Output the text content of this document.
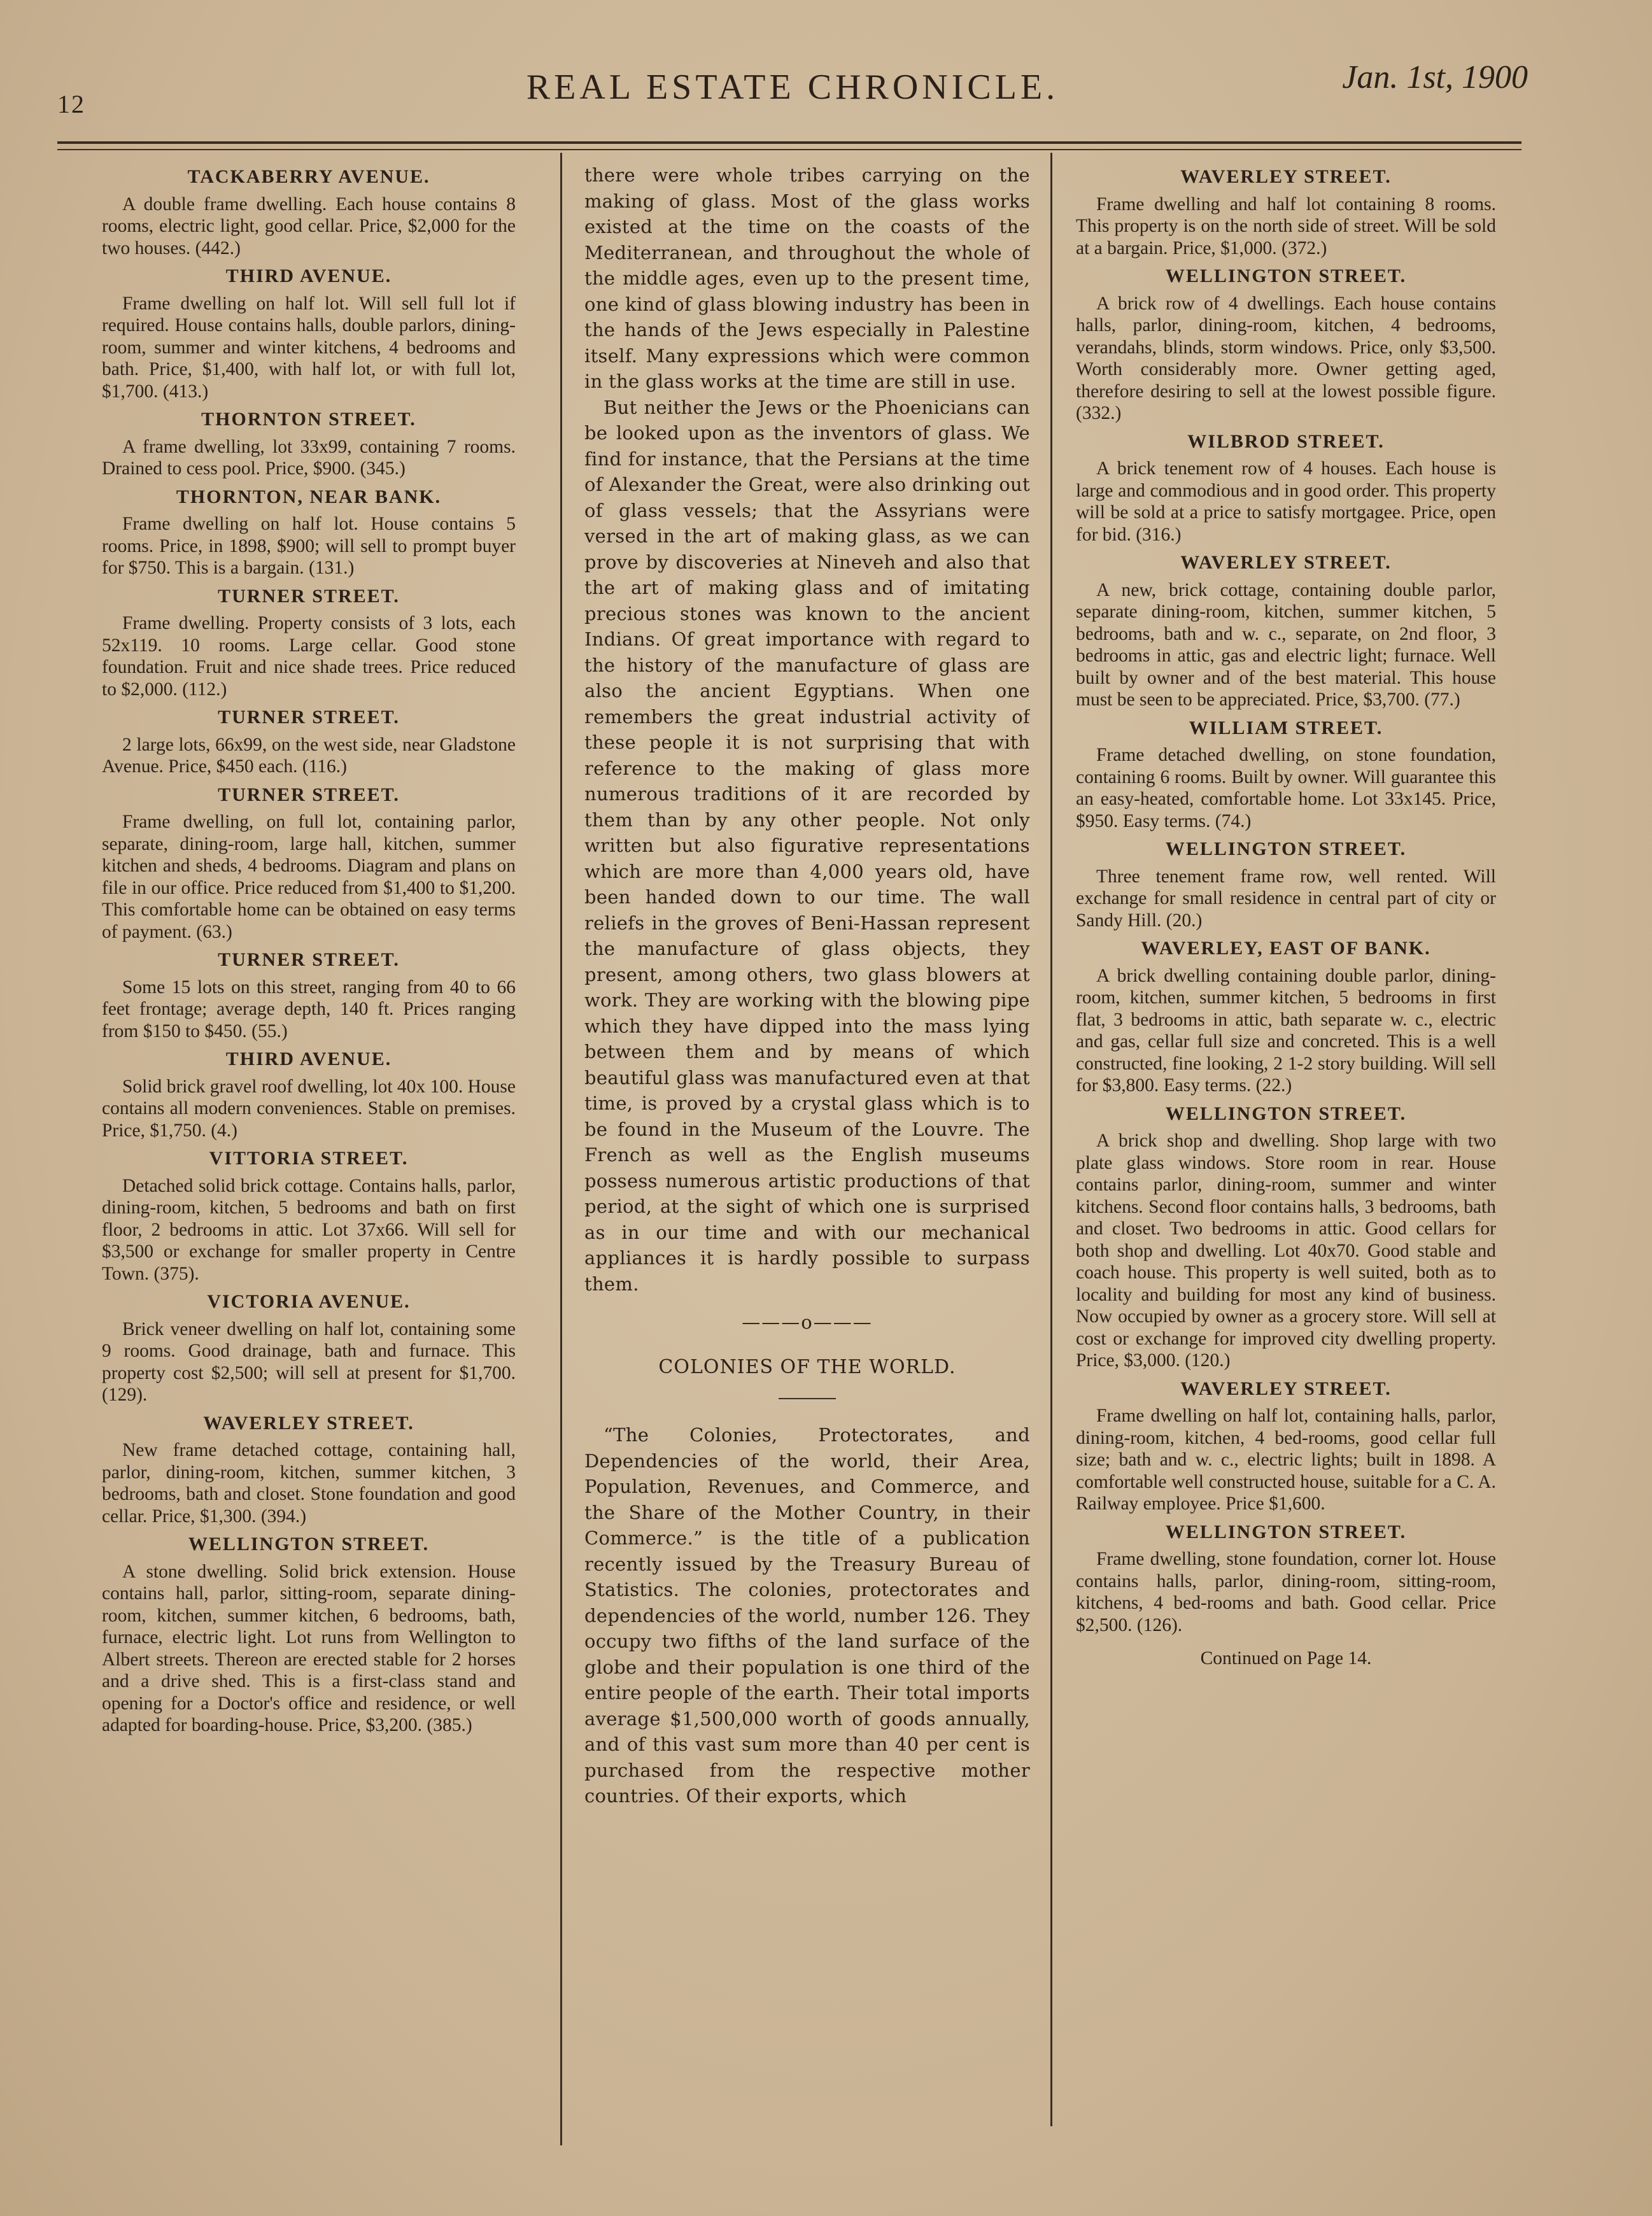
12	REAL ESTATE CHRONICLE.	Jan. 1st, 1900
TACKABERRY AVENUE.
A double frame dwelling. Each house contains 8 rooms, electric light, good cellar. Price, $2,000 for the two houses. (442.)
THIRD AVENUE.
Frame dwelling on half lot. Will sell full lot if required. House contains halls, double parlors, dining-room, summer and winter kitchens, 4 bedrooms and bath. Price, $1,400, with half lot, or with full lot, $1,700. (413.)
THORNTON STREET.
A frame dwelling, lot 33x99, containing 7 rooms. Drained to cess pool. Price, $900. (345.)
THORNTON, NEAR BANK.
Frame dwelling on half lot. House contains 5 rooms. Price, in 1898, $900; will sell to prompt buyer for $750. This is a bargain. (131.)
TURNER STREET.
Frame dwelling. Property consists of 3 lots, each 52x119. 10 rooms. Large cellar. Good stone foundation. Fruit and nice shade trees. Price reduced to $2,000. (112.)
TURNER STREET.
2 large lots, 66x99, on the west side, near Gladstone Avenue. Price, $450 each. (116.)
TURNER STREET.
Frame dwelling, on full lot, containing parlor, separate, dining-room, large hall, kitchen, summer kitchen and sheds, 4 bedrooms. Diagram and plans on file in our office. Price reduced from $1,400 to $1,200. This comfortable home can be obtained on easy terms of payment. (63.)
TURNER STREET.
Some 15 lots on this street, ranging from 40 to 66 feet frontage; average depth, 140 ft. Prices ranging from $150 to $450. (55.)
THIRD AVENUE.
Solid brick gravel roof dwelling, lot 40x 100. House contains all modern conveniences. Stable on premises. Price, $1,750. (4.)
VITTORIA STREET.
Detached solid brick cottage. Contains halls, parlor, dining-room, kitchen, 5 bedrooms and bath on first floor, 2 bedrooms in attic. Lot 37x66. Will sell for $3,500 or exchange for smaller property in Centre Town. (375).
VICTORIA AVENUE.
Brick veneer dwelling on half lot, containing some 9 rooms. Good drainage, bath and furnace. This property cost $2,500; will sell at present for $1,700. (129).
WAVERLEY STREET.
New frame detached cottage, containing hall, parlor, dining-room, kitchen, summer kitchen, 3 bedrooms, bath and closet. Stone foundation and good cellar. Price, $1,300. (394.)
WELLINGTON STREET.
A stone dwelling. Solid brick extension. House contains hall, parlor, sitting-room, separate dining-room, kitchen, summer kitchen, 6 bedrooms, bath, furnace, electric light. Lot runs from Wellington to Albert streets. Thereon are erected stable for 2 horses and a drive shed. This is a first-class stand and opening for a Doctor's office and residence, or well adapted for boarding-house. Price, $3,200. (385.)

there were whole tribes carrying on the making of glass. Most of the glass works existed at the time on the coasts of the Mediterranean, and throughout the whole of the middle ages, even up to the present time, one kind of glass blowing industry has been in the hands of the Jews especially in Palestine itself. Many expressions which were common in the glass works at the time are still in use.

But neither the Jews or the Phoenicians can be looked upon as the inventors of glass. We find for instance, that the Persians at the time of Alexander the Great, were also drinking out of glass vessels; that the Assyrians were versed in the art of making glass, as we can prove by discoveries at Nineveh and also that the art of making glass and of imitating precious stones was known to the ancient Indians. Of great importance with regard to the history of the manufacture of glass are also the ancient Egyptians. When one remembers the great industrial activity of these people it is not surprising that with reference to the making of glass more numerous traditions of it are recorded by them than by any other people. Not only written but also figurative representations which are more than 4,000 years old, have been handed down to our time. The wall reliefs in the groves of Beni-Hassan represent the manufacture of glass objects, they present, among others, two glass blowers at work. They are working with the blowing pipe which they have dipped into the mass lying between them and by means of which beautiful glass was manufactured even at that time, is proved by a crystal glass which is to be found in the Museum of the Louvre. The French as well as the English museums possess numerous artistic productions of that period, at the sight of which one is surprised as in our time and with our mechanical appliances it is hardly possible to surpass them.

———o———
COLONIES OF THE WORLD.

“The Colonies, Protectorates, and Dependencies of the world, their Area, Population, Revenues, and Commerce, and the Share of the Mother Country, in their Commerce.” is the title of a publication recently issued by the Treasury Bureau of Statistics. The colonies, protectorates and dependencies of the world, number 126. They occupy two fifths of the land surface of the globe and their population is one third of the entire people of the earth. Their total imports average $1,500,000 worth of goods annually, and of this vast sum more than 40 per cent is purchased from the respective mother countries. Of their exports, which

WAVERLEY STREET.
Frame dwelling and half lot containing 8 rooms. This property is on the north side of street. Will be sold at a bargain. Price, $1,000. (372.)
WELLINGTON STREET.
A brick row of 4 dwellings. Each house contains halls, parlor, dining-room, kitchen, 4 bedrooms, verandahs, blinds, storm windows. Price, only $3,500. Worth considerably more. Owner getting aged, therefore desiring to sell at the lowest possible figure. (332.)
WILBROD STREET.
A brick tenement row of 4 houses. Each house is large and commodious and in good order. This property will be sold at a price to satisfy mortgagee. Price, open for bid. (316.)
WAVERLEY STREET.
A new, brick cottage, containing double parlor, separate dining-room, kitchen, summer kitchen, 5 bedrooms, bath and w. c., separate, on 2nd floor, 3 bedrooms in attic, gas and electric light; furnace. Well built by owner and of the best material. This house must be seen to be appreciated. Price, $3,700. (77.)
WILLIAM STREET.
Frame detached dwelling, on stone foundation, containing 6 rooms. Built by owner. Will guarantee this an easy-heated, comfortable home. Lot 33x145. Price, $950. Easy terms. (74.)
WELLINGTON STREET.
Three tenement frame row, well rented. Will exchange for small residence in central part of city or Sandy Hill. (20.)
WAVERLEY, EAST OF BANK.
A brick dwelling containing double parlor, dining-room, kitchen, summer kitchen, 5 bedrooms in first flat, 3 bedrooms in attic, bath separate w. c., electric and gas, cellar full size and concreted. This is a well constructed, fine looking, 2 1-2 story building. Will sell for $3,800. Easy terms. (22.)
WELLINGTON STREET.
A brick shop and dwelling. Shop large with two plate glass windows. Store room in rear. House contains parlor, dining-room, summer and winter kitchens. Second floor contains halls, 3 bedrooms, bath and closet. Two bedrooms in attic. Good cellars for both shop and dwelling. Lot 40x70. Good stable and coach house. This property is well suited, both as to locality and building for most any kind of business. Now occupied by owner as a grocery store. Will sell at cost or exchange for improved city dwelling property. Price, $3,000. (120.)
WAVERLEY STREET.
Frame dwelling on half lot, containing halls, parlor, dining-room, kitchen, 4 bed-rooms, good cellar full size; bath and w. c., electric lights; built in 1898. A comfortable well constructed house, suitable for a C. A. Railway employee. Price $1,600.
WELLINGTON STREET.
Frame dwelling, stone foundation, corner lot. House contains halls, parlor, dining-room, sitting-room, kitchens, 4 bed-rooms and bath. Good cellar. Price $2,500. (126).
Continued on Page 14.
